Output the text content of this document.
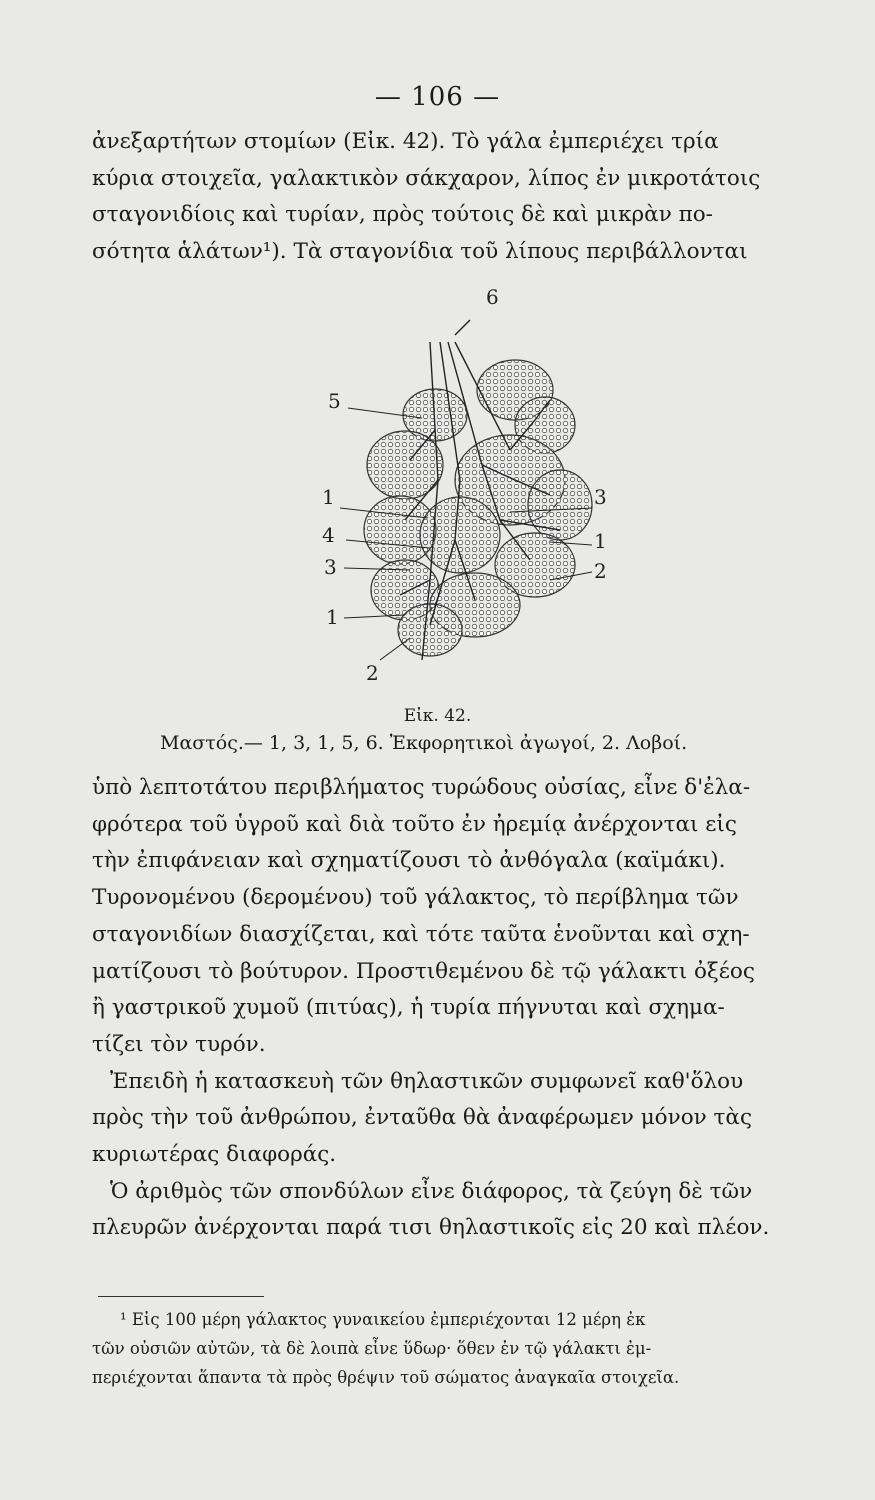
— 106 —
ἀνεξαρτήτων στομίων (Εἰκ. 42). Τὸ γάλα ἐμπεριέχει τρία
κύρια στοιχεῖα, γαλακτικὸν σάκχαρον, λίπος ἐν μικροτάτοις
σταγονιδίοις καὶ τυρίαν, πρὸς τούτοις δὲ καὶ μικρὰν πο-
σότητα ἁλάτων¹). Τὰ σταγονίδια τοῦ λίπους περιβάλλονται
6
5
1
4
3
1
3
1
2
2
Εἰκ. 42.
Μαστός.— 1, 3, 1, 5, 6. Ἐκφορητικοὶ ἀγωγοί, 2. Λοβοί.
ὑπὸ λεπτοτάτου περιβλήματος τυρώδους οὐσίας, εἶνε δ'ἐλα-
φρότερα τοῦ ὑγροῦ καὶ διὰ τοῦτο ἐν ἠρεμίᾳ ἀνέρχονται εἰς
τὴν ἐπιφάνειαν καὶ σχηματίζουσι τὸ ἀνθόγαλα (καϊμάκι).
Τυρονομένου (δερομένου) τοῦ γάλακτος, τὸ περίβλημα τῶν
σταγονιδίων διασχίζεται, καὶ τότε ταῦτα ἑνοῦνται καὶ σχη-
ματίζουσι τὸ βούτυρον. Προστιθεμένου δὲ τῷ γάλακτι ὀξέος
ἢ γαστρικοῦ χυμοῦ (πιτύας), ἡ τυρία πήγνυται καὶ σχημα-
τίζει τὸν τυρόν.
Ἐπειδὴ ἡ κατασκευὴ τῶν θηλαστικῶν συμφωνεῖ καθ'ὅλου
πρὸς τὴν τοῦ ἀνθρώπου, ἐνταῦθα θὰ ἀναφέρωμεν μόνον τὰς
κυριωτέρας διαφοράς.
Ὁ ἀριθμὸς τῶν σπονδύλων εἶνε διάφορος, τὰ ζεύγη δὲ τῶν
πλευρῶν ἀνέρχονται παρά τισι θηλαστικοῖς εἰς 20 καὶ πλέον.
¹ Εἰς 100 μέρη γάλακτος γυναικείου ἐμπεριέχονται 12 μέρη ἐκ
τῶν οὐσιῶν αὐτῶν, τὰ δὲ λοιπὰ εἶνε ὕδωρ· ὅθεν ἐν τῷ γάλακτι ἐμ-
περιέχονται ἅπαντα τὰ πρὸς θρέψιν τοῦ σώματος ἀναγκαῖα στοιχεῖα.
